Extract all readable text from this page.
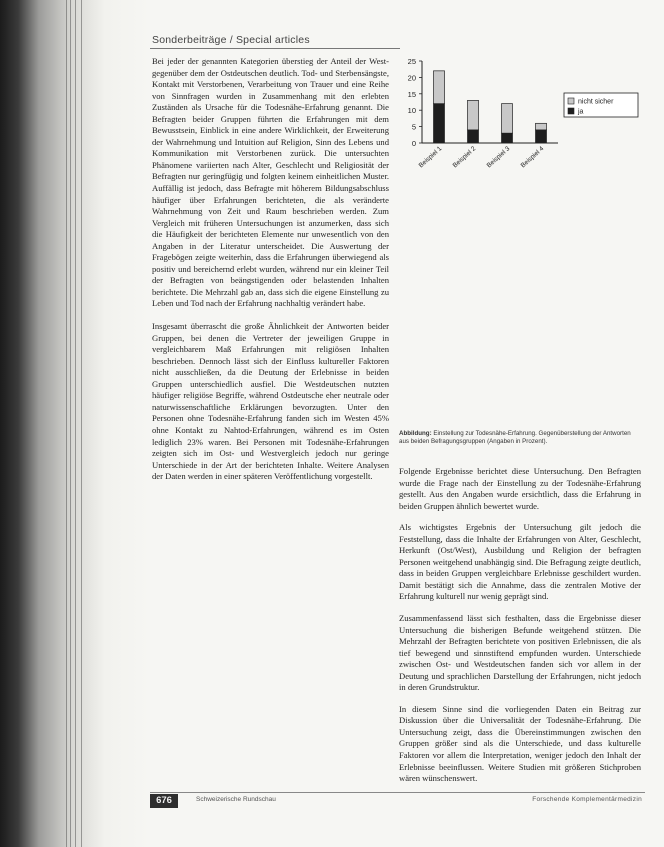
Sonderbeiträge / Special articles

Bei jeder der genannten Kategorien überstieg der Anteil der West- gegenüber dem der Ostdeutschen deutlich. Tod- und Sterbensängste, Kontakt mit Verstorbenen, Verarbeitung von Trauer und eine Reihe von Sinnfragen wurden in Zusammenhang mit den erlebten Zuständen als Ursache für die Todesnähe-Erfahrung genannt. Die Befragten beider Gruppen führten die Erfahrungen mit dem Bewusstsein, Einblick in eine andere Wirklichkeit, der Erweiterung der Wahrnehmung und Intuition auf Religion, Sinn des Lebens und Kommunikation mit Verstorbenen zurück. Die untersuchten Phänomene variierten nach Alter, Geschlecht und Religiosität der Befragten nur geringfügig und folgten keinem einheitlichen Muster. Auffällig ist jedoch, dass Befragte mit höherem Bildungsabschluss häufiger über Erfahrungen berichteten, die als veränderte Wahrnehmung von Zeit und Raum beschrieben werden. Zum Vergleich mit früheren Untersuchungen ist anzumerken, dass sich die Häufigkeit der berichteten Elemente nur unwesentlich von den Angaben in der Literatur unterscheidet. Die Auswertung der Fragebögen zeigte weiterhin, dass die Erfahrungen überwiegend als positiv und bereichernd erlebt wurden, während nur ein kleiner Teil der Befragten von beängstigenden oder belastenden Inhalten berichtete. Die Mehrzahl gab an, dass sich die eigene Einstellung zu Leben und Tod nach der Erfahrung nachhaltig verändert habe.

Insgesamt überrascht die große Ähnlichkeit der Antworten beider Gruppen, bei denen die Vertreter der jeweiligen Gruppe in vergleichbarem Maß Erfahrungen mit religiösen Inhalten beschrieben. Dennoch lässt sich der Einfluss kultureller Faktoren nicht ausschließen, da die Deutung der Erlebnisse in beiden Gruppen unterschiedlich ausfiel. Die Westdeutschen nutzten häufiger religiöse Begriffe, während Ostdeutsche eher neutrale oder naturwissenschaftliche Erklärungen bevorzugten. Unter den Personen ohne Todesnähe-Erfahrung fanden sich im Westen 45% ohne Kontakt zu Nahtod-Erfahrungen, während es im Osten lediglich 23% waren. Bei Personen mit Todesnähe-Erfahrungen zeigten sich im Ost- und Westvergleich jedoch nur geringe Unterschiede in der Art der berichteten Inhalte. Weitere Analysen der Daten werden in einer späteren Veröffentlichung vorgestellt.

0
5
10
15
20
25
Beispiel 1 Beispiel 2 Beispiel 3 Beispiel 4
nicht sicher
ja
Abbildung: Einstellung zur Todesnähe-Erfahrung. Gegenüberstellung der Antworten aus beiden Befragungsgruppen (Angaben in Prozent).

Folgende Ergebnisse berichtet diese Untersuchung. Den Befragten wurde die Frage nach der Einstellung zu der Todesnähe-Erfahrung gestellt. Aus den Angaben wurde ersichtlich, dass die Erfahrung in beiden Gruppen ähnlich bewertet wurde.

Als wichtigstes Ergebnis der Untersuchung gilt jedoch die Feststellung, dass die Inhalte der Erfahrungen von Alter, Geschlecht, Herkunft (Ost/West), Ausbildung und Religion der befragten Personen weitgehend unabhängig sind. Die Befragung zeigte deutlich, dass in beiden Gruppen vergleichbare Erlebnisse geschildert wurden. Damit bestätigt sich die Annahme, dass die zentralen Motive der Erfahrung kulturell nur wenig geprägt sind.

Zusammenfassend lässt sich festhalten, dass die Ergebnisse dieser Untersuchung die bisherigen Befunde weitgehend stützen. Die Mehrzahl der Befragten berichtete von positiven Erlebnissen, die als tief bewegend und sinnstiftend empfunden wurden. Unterschiede zwischen Ost- und Westdeutschen fanden sich vor allem in der Deutung und sprachlichen Darstellung der Erfahrungen, nicht jedoch in deren Grundstruktur.

In diesem Sinne sind die vorliegenden Daten ein Beitrag zur Diskussion über die Universalität der Todesnähe-Erfahrung. Die Untersuchung zeigt, dass die Übereinstimmungen zwischen den Gruppen größer sind als die Unterschiede, und dass kulturelle Faktoren vor allem die Interpretation, weniger jedoch den Inhalt der Erlebnisse beeinflussen. Weitere Studien mit größeren Stichproben wären wünschenswert.

676	Schweizerische Rundschau	Forschende Komplementärmedizin
